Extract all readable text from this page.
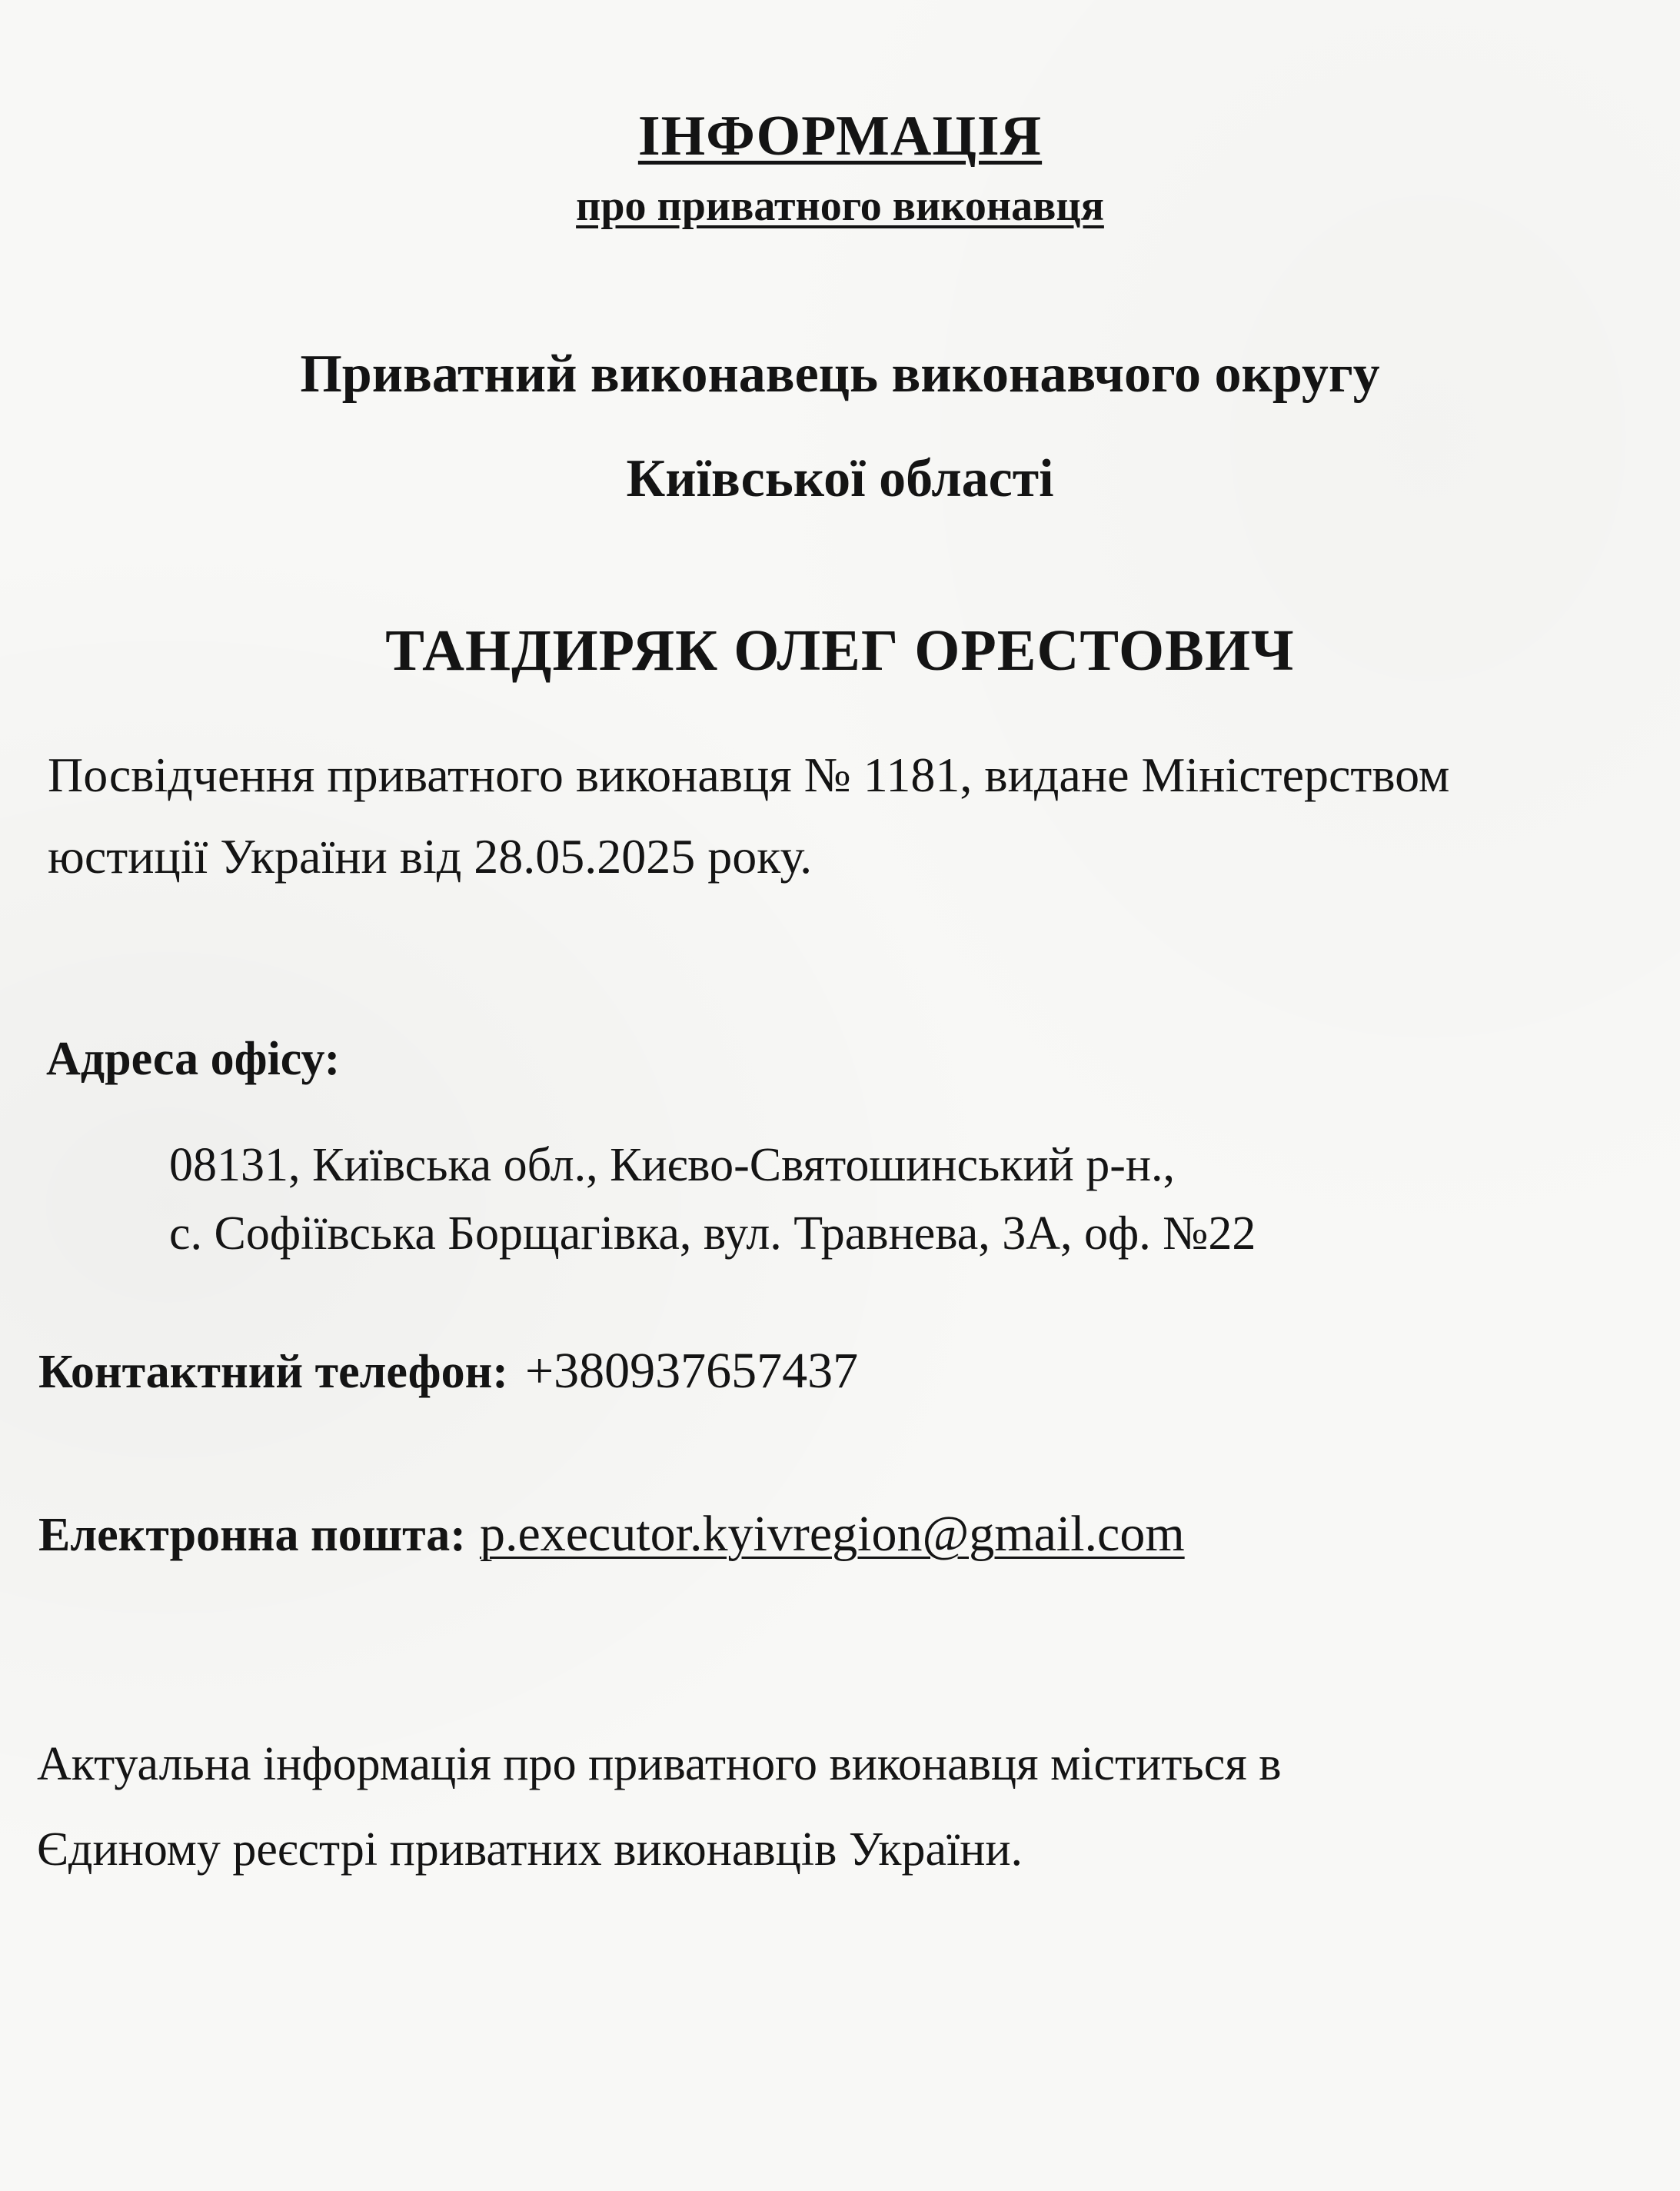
ІНФОРМАЦІЯ
про приватного виконавця
Приватний виконавець виконавчого округу
Київської області
ТАНДИРЯК ОЛЕГ ОРЕСТОВИЧ
Посвідчення приватного виконавця № 1181, видане Міністерством
юстиції України від 28.05.2025 року.
Адреса офісу:
08131, Київська обл., Києво-Святошинський р-н.,
с. Софіївська Борщагівка, вул. Травнева, 3А, оф. №22
Контактний телефон: +380937657437
Електронна пошта: p.executor.kyivregion@gmail.com
Актуальна інформація про приватного виконавця міститься в
Єдиному реєстрі приватних виконавців України.
